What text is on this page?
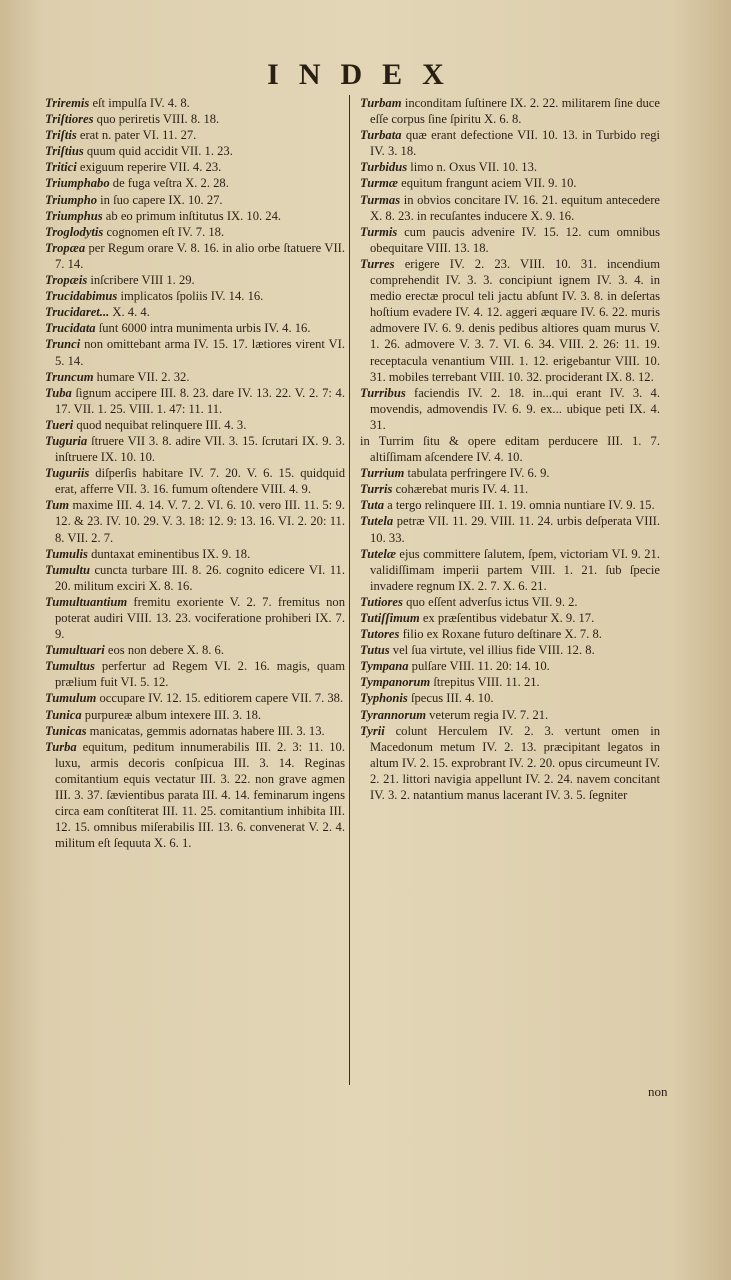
INDEX

Triremis eſt impulſa IV. 4. 8.

Triſtiores quo periretis VIII. 8. 18.

Triſtis erat n. pater VI. 11. 27.

Triſtius quum quid accidit VII. 1. 23.

Tritici exiguum reperire VII. 4. 23.

Triumphabo de fuga veſtra X. 2. 28.

Triumpho in ſuo capere IX. 10. 27.

Triumphus ab eo primum inſtitutus IX. 10. 24.

Troglodytis cognomen eſt IV. 7. 18.

Tropæa per Regum orare V. 8. 16. in alio orbe ſtatuere VII. 7. 14.

Tropæis inſcribere VIII 1. 29.

Trucidabimus implicatos ſpoliis IV. 14. 16.

Trucidaret... X. 4. 4.

Trucidata ſunt 6000 intra munimenta urbis IV. 4. 16.

Trunci non omittebant arma IV. 15. 17. lætiores virent VI. 5. 14.

Truncum humare VII. 2. 32.

Tuba ſignum accipere III. 8. 23. dare IV. 13. 22. V. 2. 7: 4. 17. VII. 1. 25. VIII. 1. 47: 11. 11.

Tueri quod nequibat relinquere III. 4. 3.

Tuguria ſtruere VII 3. 8. adire VII. 3. 15. ſcrutari IX. 9. 3. inſtruere IX. 10. 10.

Tuguriis diſperſis habitare IV. 7. 20. V. 6. 15. quidquid erat, afferre VII. 3. 16. fumum oſtendere VIII. 4. 9.

Tum maxime III. 4. 14. V. 7. 2. VI. 6. 10. vero III. 11. 5: 9. 12. & 23. IV. 10. 29. V. 3. 18: 12. 9: 13. 16. VI. 2. 20: 11. 8. VII. 2. 7.

Tumulis duntaxat eminentibus IX. 9. 18.

Tumultu cuncta turbare III. 8. 26. cognito edicere VI. 11. 20. militum exciri X. 8. 16.

Tumultuantium fremitu exoriente V. 2. 7. fremitus non poterat audiri VIII. 13. 23. vociferatione prohiberi IX. 7. 9.

Tumultuari eos non debere X. 8. 6.

Tumultus perfertur ad Regem VI. 2. 16. magis, quam prælium fuit VI. 5. 12.

Tumulum occupare IV. 12. 15. editiorem capere VII. 7. 38.

Tunica purpureæ album intexere III. 3. 18.

Tunicas manicatas, gemmis adornatas habere III. 3. 13.

Turba equitum, peditum innumerabilis III. 2. 3: 11. 10. luxu, armis decoris conſpicua III. 3. 14. Reginas comitantium equis vectatur III. 3. 22. non grave agmen III. 3. 37. ſævientibus parata III. 4. 14. feminarum ingens circa eam conſtiterat III. 11. 25. comitantium inhibita III. 12. 15. omnibus miſerabilis III. 13. 6. convenerat V. 2. 4. militum eſt ſequuta X. 6. 1.

Turbam inconditam ſuſtinere IX. 2. 22. militarem ſine duce eſſe corpus ſine ſpiritu X. 6. 8.

Turbata quæ erant defectione VII. 10. 13. in Turbido regi IV. 3. 18.

Turbidus limo n. Oxus VII. 10. 13.

Turmæ equitum frangunt aciem VII. 9. 10.

Turmas in obvios concitare IV. 16. 21. equitum antecedere X. 8. 23. in recuſantes inducere X. 9. 16.

Turmis cum paucis advenire IV. 15. 12. cum omnibus obequitare VIII. 13. 18.

Turres erigere IV. 2. 23. VIII. 10. 31. incendium comprehendit IV. 3. 3. concipiunt ignem IV. 3. 4. in medio erectæ procul teli jactu abſunt IV. 3. 8. in deſertas hoſtium evadere IV. 4. 12. aggeri æquare IV. 6. 22. muris admovere IV. 6. 9. denis pedibus altiores quam murus V. 1. 26. admovere V. 3. 7. VI. 6. 34. VIII. 2. 26: 11. 19. receptacula venantium VIII. 1. 12. erigebantur VIII. 10. 31. mobiles terrebant VIII. 10. 32. prociderant IX. 8. 12.

Turribus faciendis IV. 2. 18. in...qui erant IV. 3. 4. movendis, admovendis IV. 6. 9. ex... ubique peti IX. 4. 31.

in Turrim ſitu & opere editam perducere III. 1. 7. altiſſimam aſcendere IV. 4. 10.

Turrium tabulata perfringere IV. 6. 9.

Turris cohærebat muris IV. 4. 11.

Tuta a tergo relinquere III. 1. 19. omnia nuntiare IV. 9. 15.

Tutela petræ VII. 11. 29. VIII. 11. 24. urbis deſperata VIII. 10. 33.

Tutelæ ejus committere ſalutem, ſpem, victoriam VI. 9. 21. validiſſimam imperii partem VIII. 1. 21. ſub ſpecie invadere regnum IX. 2. 7. X. 6. 21.

Tutiores quo eſſent adverſus ictus VII. 9. 2.

Tutiſſimum ex præſentibus videbatur X. 9. 17.

Tutores filio ex Roxane futuro deſtinare X. 7. 8.

Tutus vel ſua virtute, vel illius fide VIII. 12. 8.

Tympana pulſare VIII. 11. 20: 14. 10.

Tympanorum ſtrepitus VIII. 11. 21.

Typhonis ſpecus III. 4. 10.

Tyrannorum veterum regia IV. 7. 21.

Tyrii colunt Herculem IV. 2. 3. vertunt omen in Macedonum metum IV. 2. 13. præcipitant legatos in altum IV. 2. 15. exprobrant IV. 2. 20. opus circumeunt IV. 2. 21. littori navigia appellunt IV. 2. 24. navem concitant IV. 3. 2. natantium manus lacerant IV. 3. 5. ſegniter

non
